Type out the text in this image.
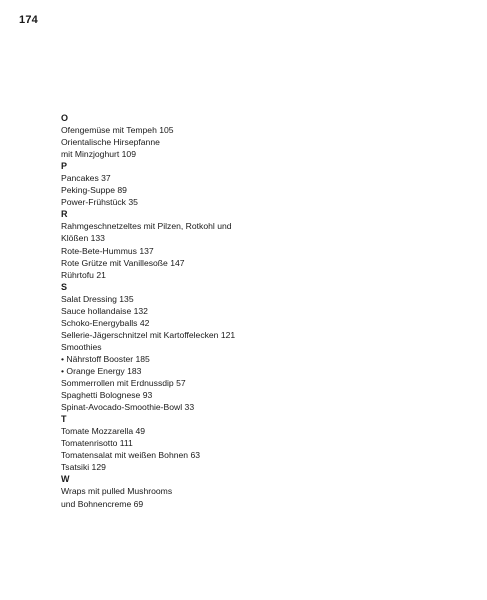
174
O
Ofengemüse mit Tempeh 105
Orientalische Hirsepfanne
mit Minzjoghurt 109
P
Pancakes 37
Peking-Suppe 89
Power-Frühstück 35
R
Rahmgeschnetzeltes mit Pilzen, Rotkohl und
Klößen 133
Rote-Bete-Hummus 137
Rote Grütze mit Vanillesoße 147
Rührtofu 21
S
Salat Dressing 135
Sauce hollandaise 132
Schoko-Energyballs 42
Sellerie-Jägerschnitzel mit Kartoffelecken 121
Smoothies
• Nährstoff Booster 185
• Orange Energy 183
Sommerrollen mit Erdnussdip 57
Spaghetti Bolognese 93
Spinat-Avocado-Smoothie-Bowl 33
T
Tomate Mozzarella 49
Tomatenrisotto 111
Tomatensalat mit weißen Bohnen 63
Tsatsiki 129
W
Wraps mit pulled Mushrooms
und Bohnencreme 69
